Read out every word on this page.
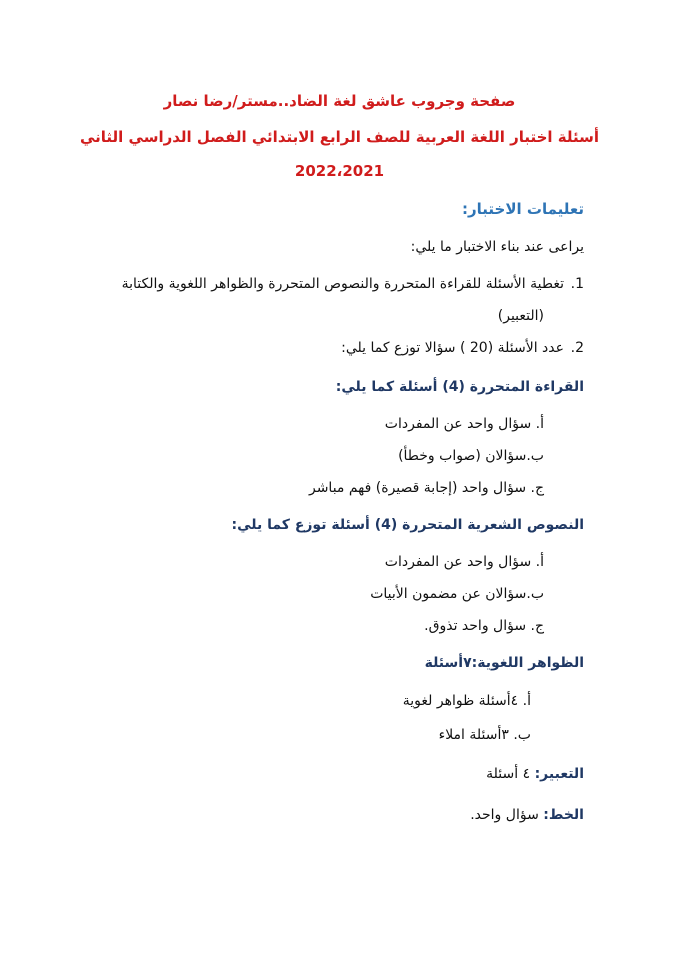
صفحة وجروب عاشق لغة الضاد..مستر/رضا نصار
أسئلة اختبار اللغة العربية للصف الرابع الابتدائي الفصل الدراسي الثاني
2022،2021
تعليمات الاختبار:
يراعى عند بناء الاختبار ما يلي:
1.
تغطية الأسئلة للقراءة المتحررة والنصوص المتحررة والظواهر اللغوية والكتابة
(التعبير)
2.
عدد الأسئلة (20 ) سؤالا توزع كما يلي:
القراءة المتحررة (4) أسئلة كما يلي:
أ. سؤال واحد عن المفردات
ب.سؤالان (صواب وخطأ)
ج. سؤال واحد (إجابة قصيرة) فهم مباشر
النصوص الشعرية المتحررة (4) أسئلة توزع كما يلي:
أ. سؤال واحد عن المفردات
ب.سؤالان عن مضمون الأبيات
ج. سؤال واحد تذوق.
الظواهر اللغوية:٧أسئلة
أ. ٤أسئلة ظواهر لغوية
ب. ٣أسئلة املاء
التعبير: ٤ أسئلة
الخط: سؤال واحد.
